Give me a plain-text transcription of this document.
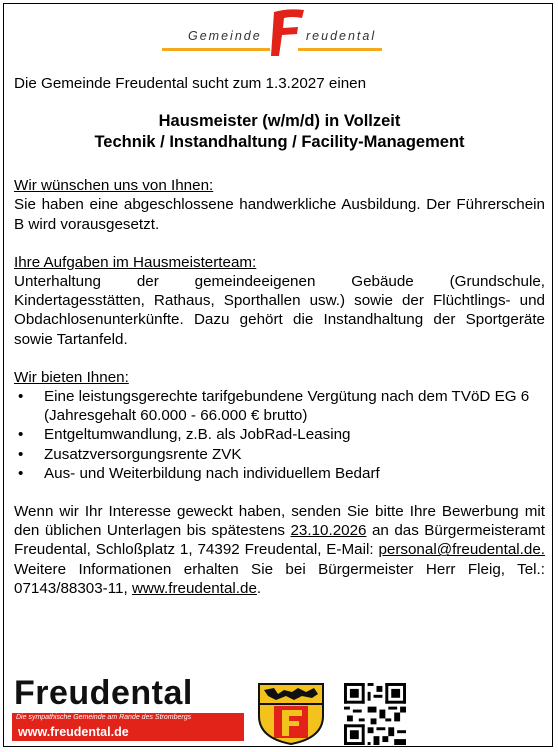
Gemeinde	reudental

Die Gemeinde Freudental sucht zum 1.3.2027 einen

Hausmeister (w/m/d) in Vollzeit
Technik / Instandhaltung / Facility-Management

Wir wünschen uns von Ihnen:

Sie haben eine abgeschlossene handwerkliche Ausbildung. Der Führerschein B wird vorausgesetzt.

Ihre Aufgaben im Hausmeisterteam:

Unterhaltung der gemeindeeigenen Gebäude (Grundschule, Kindertagesstätten, Rathaus, Sporthallen usw.) sowie der Flüchtlings- und Obdachlosenunterkünfte. Dazu gehört die Instandhaltung der Sportgeräte sowie Tartanfeld.

Wir bieten Ihnen:

• Eine leistungsgerechte tarifgebundene Vergütung nach dem TVöD EG 6 (Jahresgehalt 60.000 - 66.000 € brutto)
• Entgeltumwandlung, z.B. als JobRad-Leasing
• Zusatzversorgungsrente ZVK
• Aus- und Weiterbildung nach individuellem Bedarf

Wenn wir Ihr Interesse geweckt haben, senden Sie bitte Ihre Bewerbung mit den üblichen Unterlagen bis spätestens 23.10.2026 an das Bürgermeisteramt Freudental, Schloßplatz 1, 74392 Freudental, E-Mail: personal@freudental.de. Weitere Informationen erhalten Sie bei Bürgermeister Herr Fleig, Tel.: 07143/88303-11, www.freudental.de.

Freudental
Die sympathische Gemeinde am Rande des Strombergs
www.freudental.de
